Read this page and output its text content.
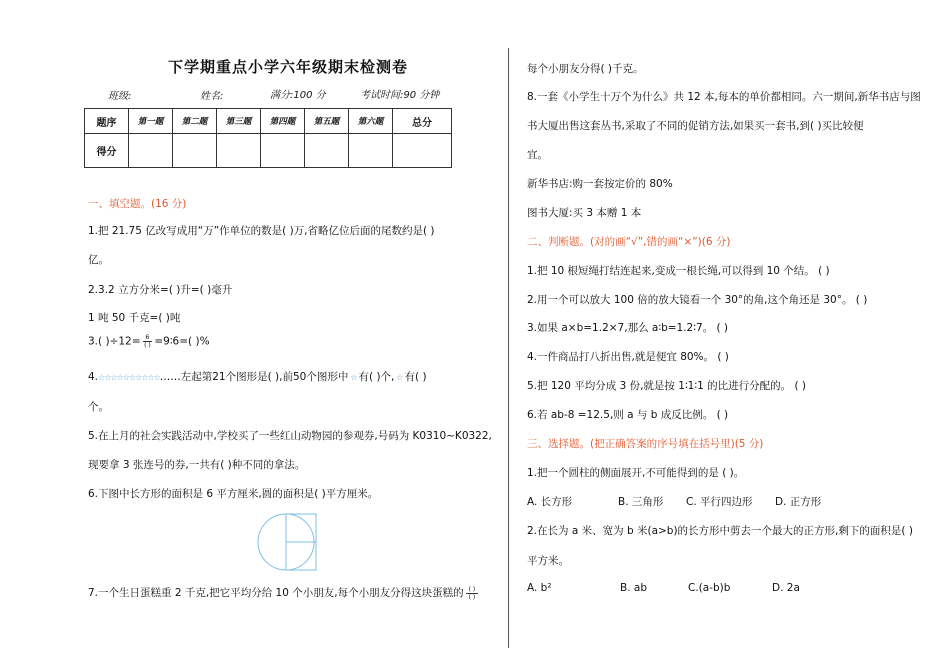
下学期重点小学六年级期末检测卷
班级:	姓名:	满分:100 分	考试时间:90 分钟
题序	第一题	第二题	第三题	第四题	第五题	第六题	总分
得分							
一、填空题。(16 分)
1.把 21.75 亿改写成用“万”作单位的数是( )万,省略亿位后面的尾数约是( )
亿。
2.3.2 立方分米=( )升=( )毫升
1 吨 50 千克=( )吨
3.( )$\div 12= \frac{6}{( )}$ =9∶6=( )%
4.☆☆☆☆☆☆☆☆☆☆……左起第21个图形是( ),前50个图形中 ☆ 有( )个, ☆ 有( )
个。
5.在上月的社会实践活动中,学校买了一些红山动物园的参观券,号码为 K0310~K0322,
现要拿 3 张连号的券,一共有( )种不同的拿法。
6.下图中长方形的面积是 6 平方厘米,圆的面积是( )平方厘米。
7.一个生日蛋糕重 2 千克,把它平均分给 10 个小朋友,每个小朋友分得这块蛋糕的 $\frac{( )}{( )}$
每个小朋友分得( )千克。
8.一套《小学生十万个为什么》共 12 本,每本的单价都相同。六一期间,新华书店与图
书大厦出售这套丛书,采取了不同的促销方法,如果买一套书,到( )买比较便
宜。
新华书店:购一套按定价的 80%
图书大厦:买 3 本赠 1 本
二、判断题。(对的画“√”,错的画“×”)(6 分)
1.把 10 根短绳打结连起来,变成一根长绳,可以得到 10 个结。 ( )
2.用一个可以放大 100 倍的放大镜看一个 30°的角,这个角还是 30°。 ( )
3.如果 a×b=1.2×7,那么 a∶b=1.2∶7。 ( )
4.一件商品打八折出售,就是便宜 80%。 ( )
5.把 120 平均分成 3 份,就是按 1∶1∶1 的比进行分配的。 ( )
6.若 ab-8 =12.5,则 a 与 b 成反比例。 ( )
三、选择题。(把正确答案的序号填在括号里)(5 分)
1.把一个圆柱的侧面展开,不可能得到的是 ( )。
A. 长方形	B. 三角形 C. 平行四边形 D. 正方形
2.在长为 a 米、宽为 b 米(a>b)的长方形中剪去一个最大的正方形,剩下的面积是( )
平方米。
A. b²	B. ab	C.(a-b)b	D. 2a
